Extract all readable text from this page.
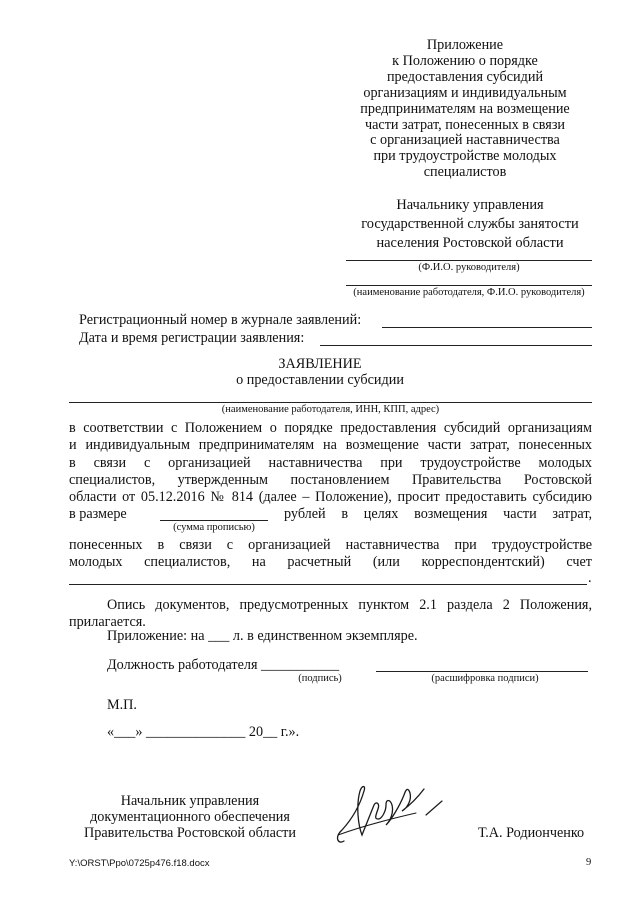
Приложение
к Положению о порядке
предоставления субсидий
организациям и индивидуальным
предпринимателям на возмещение
части затрат, понесенных в связи
с организацией наставничества
при трудоустройстве молодых
специалистов
Начальнику управления
государственной службы занятости
населения Ростовской области
(Ф.И.О. руководителя)
(наименование работодателя, Ф.И.О. руководителя)
Регистрационный номер в журнале заявлений:
Дата и время регистрации заявления:
ЗАЯВЛЕНИЕ
о предоставлении субсидии
(наименование работодателя, ИНН, КПП, адрес)
в соответствии с Положением о порядке предоставления субсидий организациям
и индивидуальным предпринимателям на возмещение части затрат, понесенных
в связи с организацией наставничества при трудоустройстве молодых
специалистов, утвержденным постановлением Правительства Ростовской
области от 05.12.2016 № 814 (далее – Положение), просит предоставить субсидию
в размере
(сумма прописью)
рублей в целях возмещения части затрат,
понесенных в связи с организацией наставничества при трудоустройстве
молодых специалистов, на расчетный (или корреспондентский) счет
.
Опись документов, предусмотренных пунктом 2.1 раздела 2 Положения,
прилагается.
Приложение: на ___ л. в единственном экземпляре.
Должность работодателя ___________
(подпись)	(расшифровка подписи)
М.П.
«___» ______________ 20__ г.».
Начальник управления
документационного обеспечения
Правительства Ростовской области	Т.А. Родионченко
Y:\ORST\Ppo\0725p476.f18.docx	9
